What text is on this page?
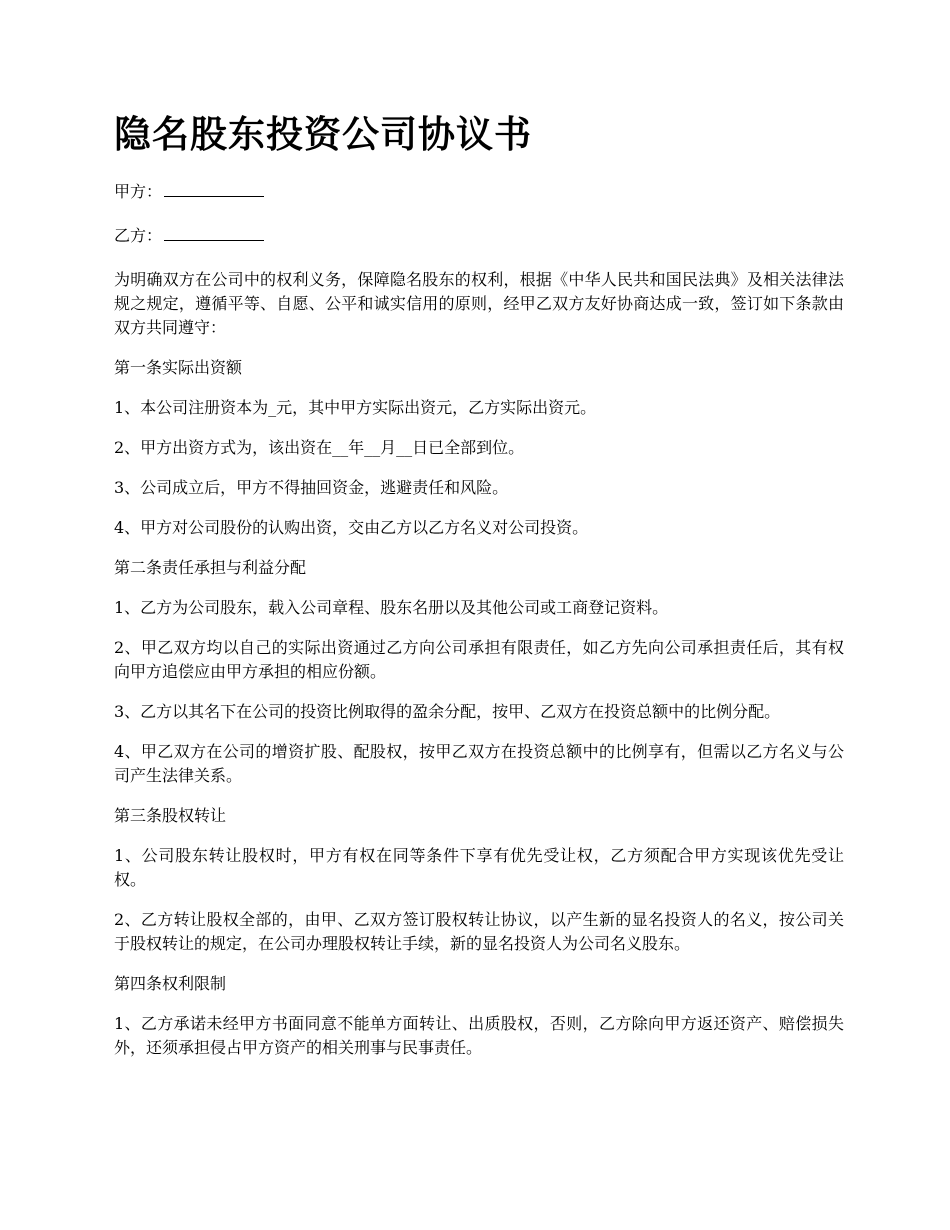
隐名股东投资公司协议书

甲方：

乙方：

为明确双方在公司中的权利义务，保障隐名股东的权利，根据《中华人民共和国民法典》及相关法律法规之规定，遵循平等、自愿、公平和诚实信用的原则，经甲乙双方友好协商达成一致，签订如下条款由双方共同遵守：

第一条实际出资额

1、本公司注册资本为_元，其中甲方实际出资元，乙方实际出资元。

2、甲方出资方式为，该出资在__年__月__日已全部到位。

3、公司成立后，甲方不得抽回资金，逃避责任和风险。

4、甲方对公司股份的认购出资，交由乙方以乙方名义对公司投资。

第二条责任承担与利益分配

1、乙方为公司股东，载入公司章程、股东名册以及其他公司或工商登记资料。

2、甲乙双方均以自己的实际出资通过乙方向公司承担有限责任，如乙方先向公司承担责任后，其有权向甲方追偿应由甲方承担的相应份额。

3、乙方以其名下在公司的投资比例取得的盈余分配，按甲、乙双方在投资总额中的比例分配。

4、甲乙双方在公司的增资扩股、配股权，按甲乙双方在投资总额中的比例享有，但需以乙方名义与公司产生法律关系。

第三条股权转让

1、公司股东转让股权时，甲方有权在同等条件下享有优先受让权，乙方须配合甲方实现该优先受让权。

2、乙方转让股权全部的，由甲、乙双方签订股权转让协议，以产生新的显名投资人的名义，按公司关于股权转让的规定，在公司办理股权转让手续，新的显名投资人为公司名义股东。

第四条权利限制

1、乙方承诺未经甲方书面同意不能单方面转让、出质股权，否则，乙方除向甲方返还资产、赔偿损失外，还须承担侵占甲方资产的相关刑事与民事责任。
